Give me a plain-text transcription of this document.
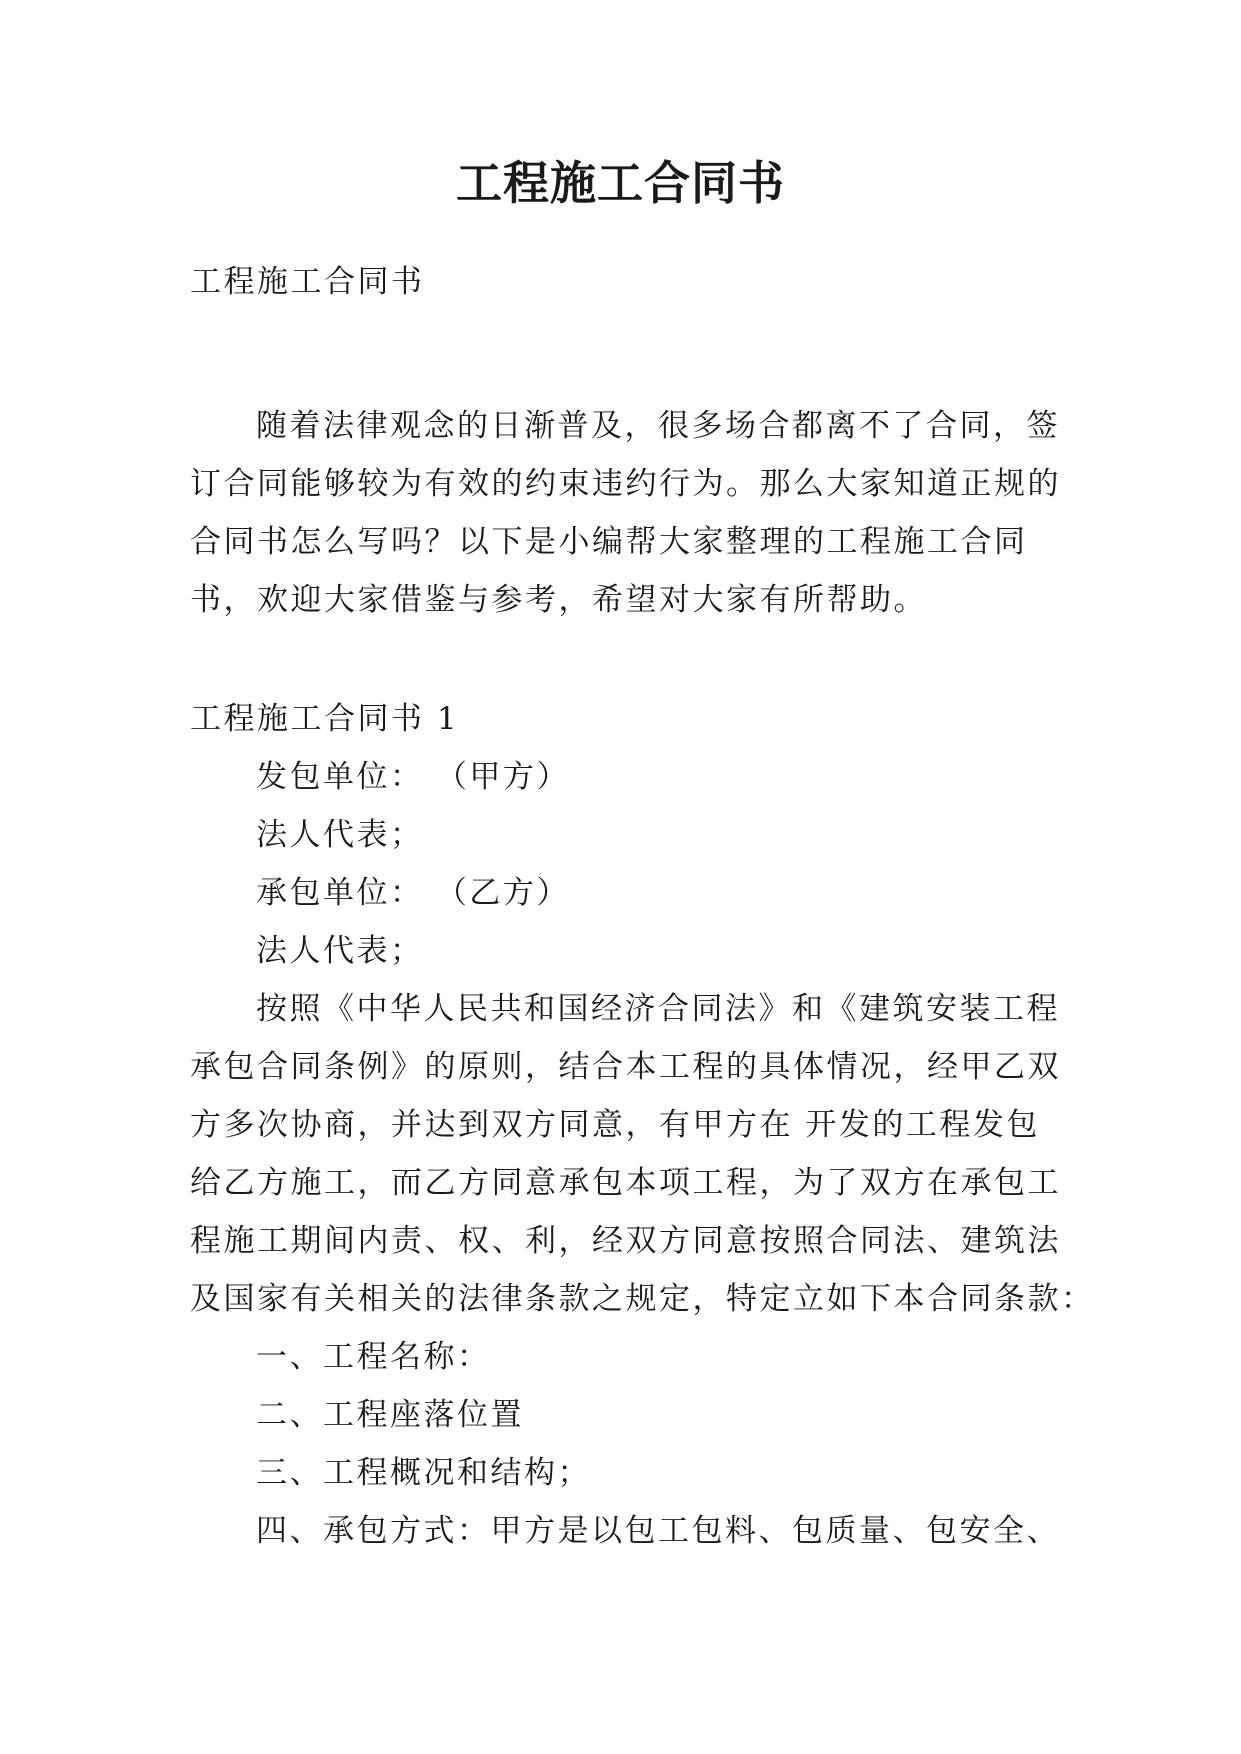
工程施工合同书
工程施工合同书
随着法律观念的日渐普及，很多场合都离不了合同，签
订合同能够较为有效的约束违约行为。那么大家知道正规的
合同书怎么写吗？以下是小编帮大家整理的工程施工合同
书，欢迎大家借鉴与参考，希望对大家有所帮助。
工程施工合同书 1
发包单位： （甲方）
法人代表；
承包单位： （乙方）
法人代表；
按照《中华人民共和国经济合同法》和《建筑安装工程
承包合同条例》的原则，结合本工程的具体情况，经甲乙双
方多次协商，并达到双方同意，有甲方在 开发的工程发包
给乙方施工，而乙方同意承包本项工程，为了双方在承包工
程施工期间内责、权、利，经双方同意按照合同法、建筑法
及国家有关相关的法律条款之规定，特定立如下本合同条款：
一、工程名称：
二、工程座落位置
三、工程概况和结构；
四、承包方式：甲方是以包工包料、包质量、包安全、
